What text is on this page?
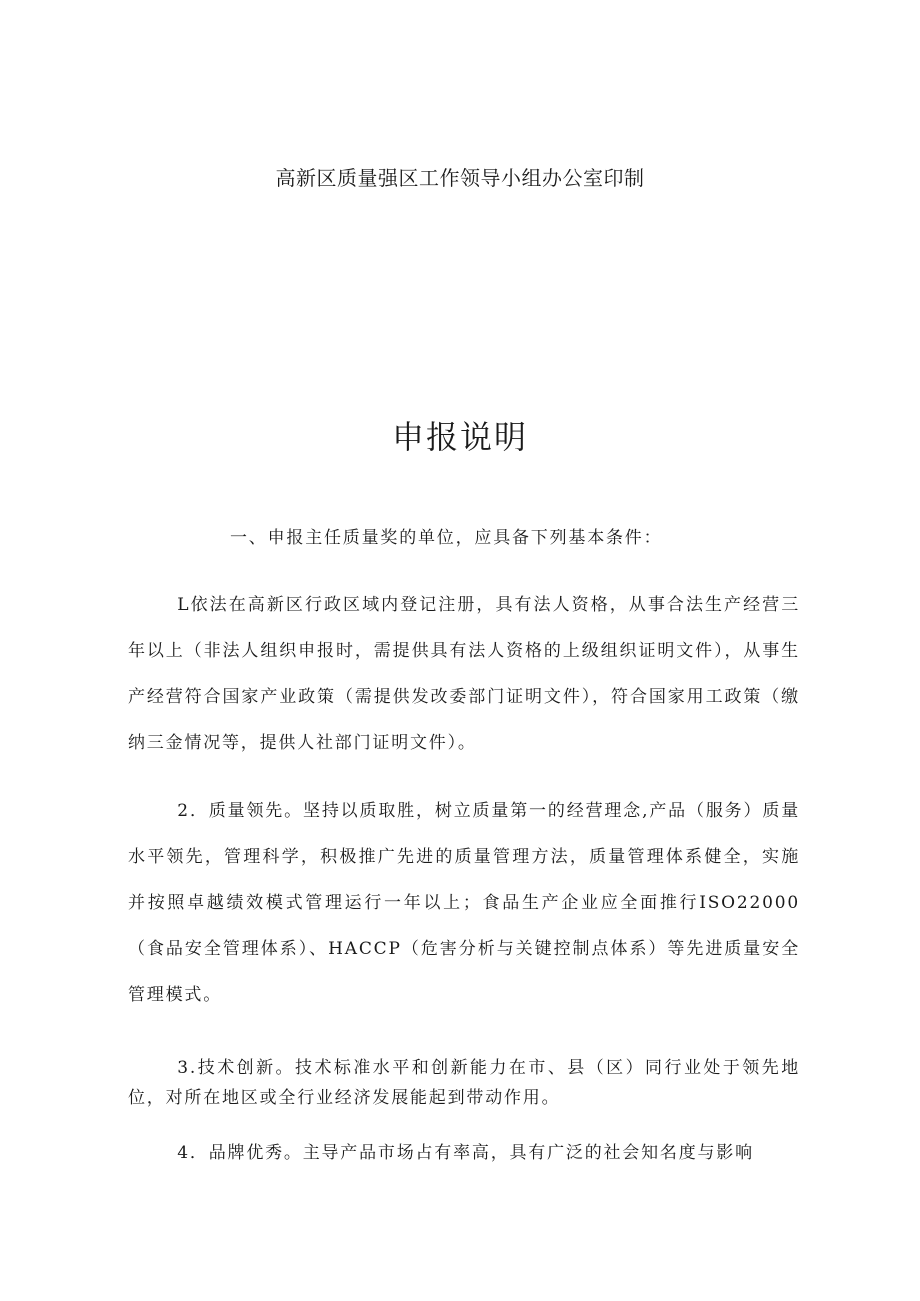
高新区质量强区工作领导小组办公室印制
申报说明
一、申报主任质量奖的单位，应具备下列基本条件：
L依法在高新区行政区域内登记注册，具有法人资格，从事合法生产经营三年以上（非法人组织申报时，需提供具有法人资格的上级组织证明文件），从事生产经营符合国家产业政策（需提供发改委部门证明文件），符合国家用工政策（缴纳三金情况等，提供人社部门证明文件）。
2．质量领先。坚持以质取胜，树立质量第一的经营理念,产品（服务）质量水平领先，管理科学，积极推广先进的质量管理方法，质量管理体系健全，实施并按照卓越绩效模式管理运行一年以上；食品生产企业应全面推行ISO22000（食品安全管理体系）、HACCP（危害分析与关键控制点体系）等先进质量安全管理模式。
3.技术创新。技术标准水平和创新能力在市、县（区）同行业处于领先地位，对所在地区或全行业经济发展能起到带动作用。
4．品牌优秀。主导产品市场占有率高，具有广泛的社会知名度与影响
